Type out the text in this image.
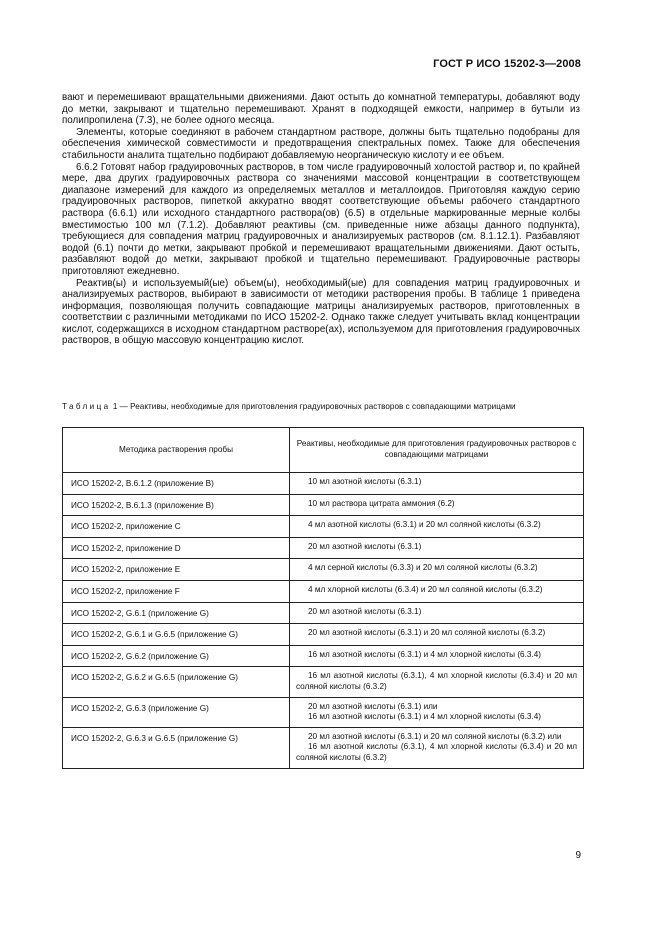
ГОСТ Р ИСО 15202-3—2008

вают и перемешивают вращательными движениями. Дают остыть до комнатной температуры, добавляют воду до метки, закрывают и тщательно перемешивают. Хранят в подходящей емкости, например в бутыли из полипропилена (7.3), не более одного месяца.

Элементы, которые соединяют в рабочем стандартном растворе, должны быть тщательно подобраны для обеспечения химической совместимости и предотвращения спектральных помех. Также для обеспечения стабильности аналита тщательно подбирают добавляемую неорганическую кислоту и ее объем.

6.6.2 Готовят набор градуировочных растворов, в том числе градуировочный холостой раствор и, по крайней мере, два других градуировочных раствора со значениями массовой концентрации в соответствующем диапазоне измерений для каждого из определяемых металлов и металлоидов. Приготовляя каждую серию градуировочных растворов, пипеткой аккуратно вводят соответствующие объемы рабочего стандартного раствора (6.6.1) или исходного стандартного раствора(ов) (6.5) в отдельные маркированные мерные колбы вместимостью 100 мл (7.1.2). Добавляют реактивы (см. приведенные ниже абзацы данного подпункта), требующиеся для совпадения матриц градуировочных и анализируемых растворов (см. 8.1.12.1). Разбавляют водой (6.1) почти до метки, закрывают пробкой и перемешивают вращательными движениями. Дают остыть, разбавляют водой до метки, закрывают пробкой и тщательно перемешивают. Градуировочные растворы приготовляют ежедневно.

Реактив(ы) и используемый(ые) объем(ы), необходимый(ые) для совпадения матриц градуировочных и анализируемых растворов, выбирают в зависимости от методики растворения пробы. В таблице 1 приведена информация, позволяющая получить совпадающие матрицы анализируемых растворов, приготовленных в соответствии с различными методиками по ИСО 15202-2. Однако также следует учитывать вклад концентрации кислот, содержащихся в исходном стандартном растворе(ах), используемом для приготовления градуировочных растворов, в общую массовую концентрацию кислот.

Таблица 1 — Реактивы, необходимые для приготовления градуировочных растворов с совпадающими матрицами
Методика растворения пробы	Реактивы, необходимые для приготовления градуировочных растворов с совпадающими матрицами
ИСО 15202-2, В.6.1.2 (приложение В)	10 мл азотной кислоты (6.3.1)

ИСО 15202-2, В.6.1.3 (приложение В)	10 мл раствора цитрата аммония (6.2)

ИСО 15202-2, приложение С	4 мл азотной кислоты (6.3.1) и 20 мл соляной кислоты (6.3.2)

ИСО 15202-2, приложение D	20 мл азотной кислоты (6.3.1)

ИСО 15202-2, приложение Е	4 мл серной кислоты (6.3.3) и 20 мл соляной кислоты (6.3.2)

ИСО 15202-2, приложение F	4 мл хлорной кислоты (6.3.4) и 20 мл соляной кислоты (6.3.2)

ИСО 15202-2, G.6.1 (приложение G)	20 мл азотной кислоты (6.3.1)

ИСО 15202-2, G.6.1 и G.6.5 (приложение G)	20 мл азотной кислоты (6.3.1) и 20 мл соляной кислоты (6.3.2)

ИСО 15202-2, G.6.2 (приложение G)	16 мл азотной кислоты (6.3.1) и 4 мл хлорной кислоты (6.3.4)

ИСО 15202-2, G.6.2 и G.6.5 (приложение G)	16 мл азотной кислоты (6.3.1), 4 мл хлорной кислоты (6.3.4) и 20 мл соляной кислоты (6.3.2)

ИСО 15202-2, G.6.3 (приложение G)	20 мл азотной кислоты (6.3.1) или
16 мл азотной кислоты (6.3.1) и 4 мл хлорной кислоты (6.3.4)

ИСО 15202-2, G.6.3 и G.6.5 (приложение G)	20 мл азотной кислоты (6.3.1) и 20 мл соляной кислоты (6.3.2) или
16 мл азотной кислоты (6.3.1), 4 мл хлорной кислоты (6.3.4) и 20 мл соляной кислоты (6.3.2)
9
